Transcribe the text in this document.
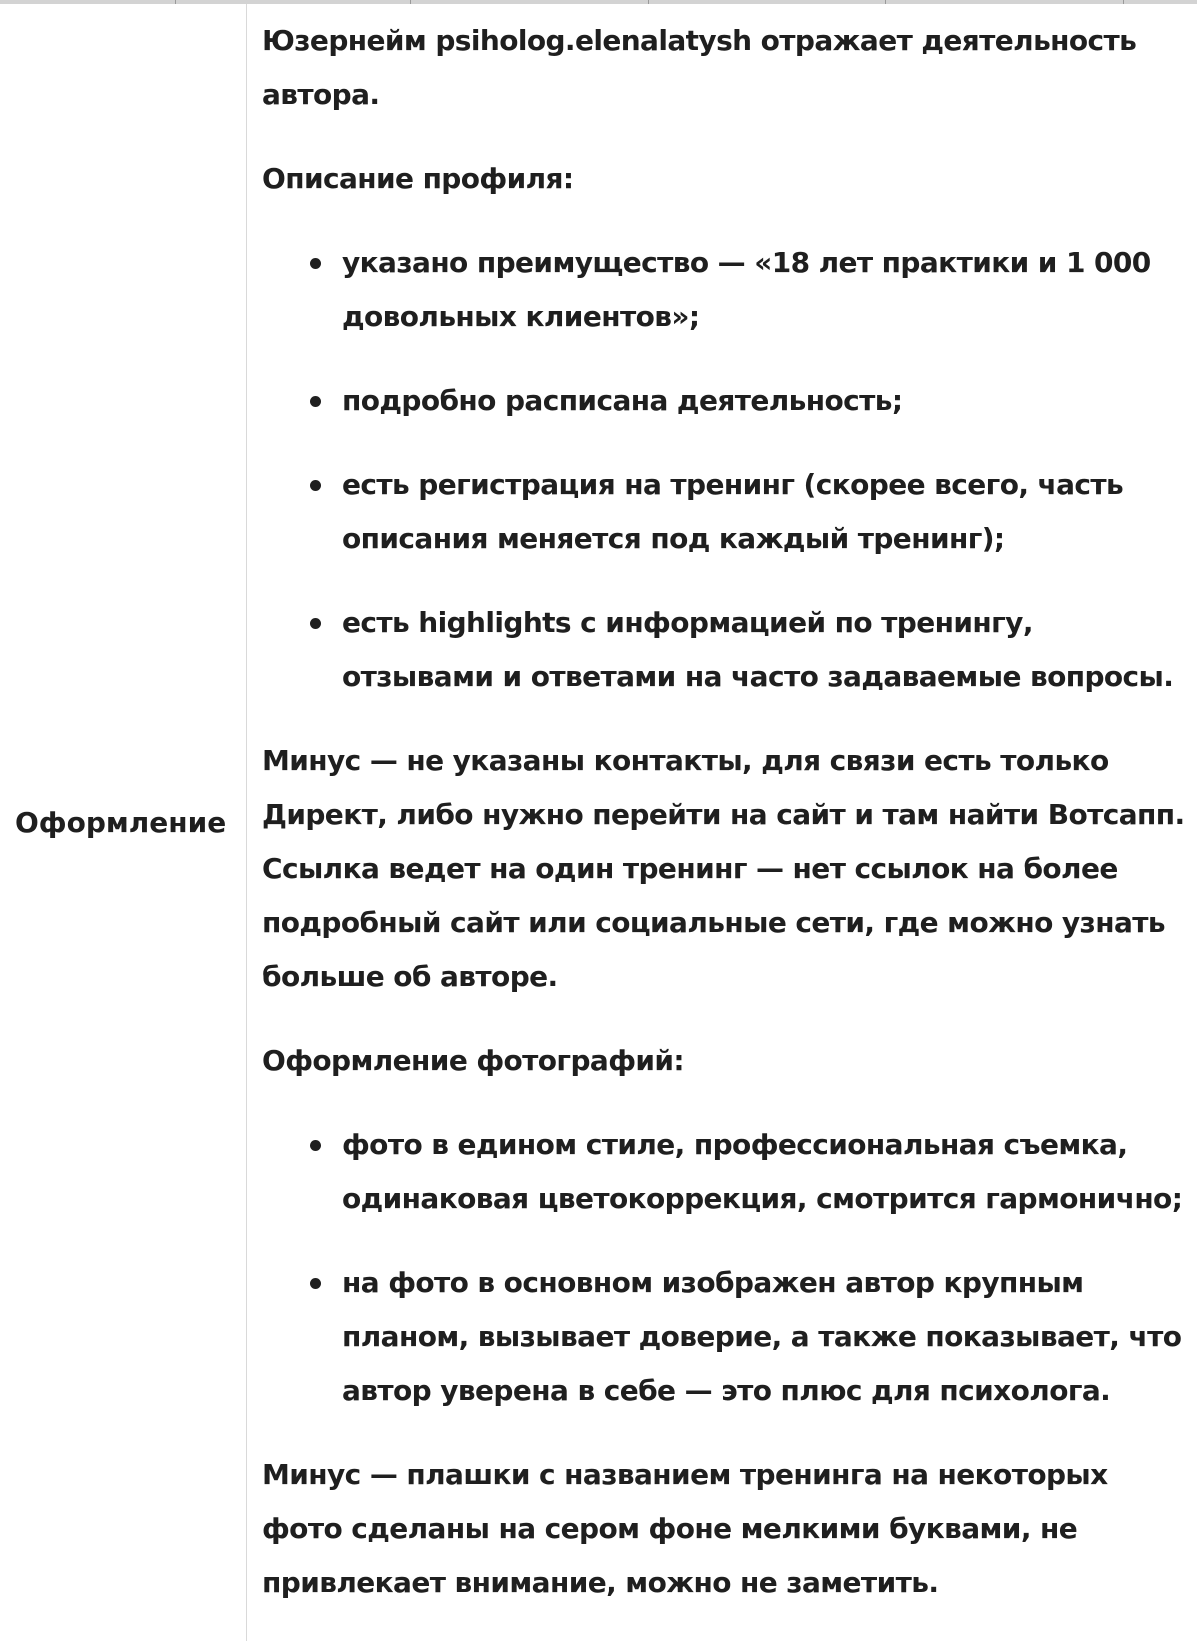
Оформление

Юзернейм psiholog.elenalatysh отражает деятельность автора.

Описание профиля:

указано преимущество — «18 лет практики и 1 000 довольных клиентов»;
подробно расписана деятельность;
есть регистрация на тренинг (скорее всего, часть описания меняется под каждый тренинг);
есть highlights с информацией по тренингу, отзывами и ответами на часто задаваемые вопросы.

Минус — не указаны контакты, для связи есть только Директ, либо нужно перейти на сайт и там найти Вотсапп. Ссылка ведет на один тренинг — нет ссылок на более подробный сайт или социальные сети, где можно узнать больше об авторе.

Оформление фотографий:

фото в едином стиле, профессиональная съемка, одинаковая цветокоррекция, смотрится гармонично;
на фото в основном изображен автор крупным планом, вызывает доверие, а также показывает, что автор уверена в себе — это плюс для психолога.

Минус — плашки с названием тренинга на некоторых фото сделаны на сером фоне мелкими буквами, не привлекает внимание, можно не заметить.
